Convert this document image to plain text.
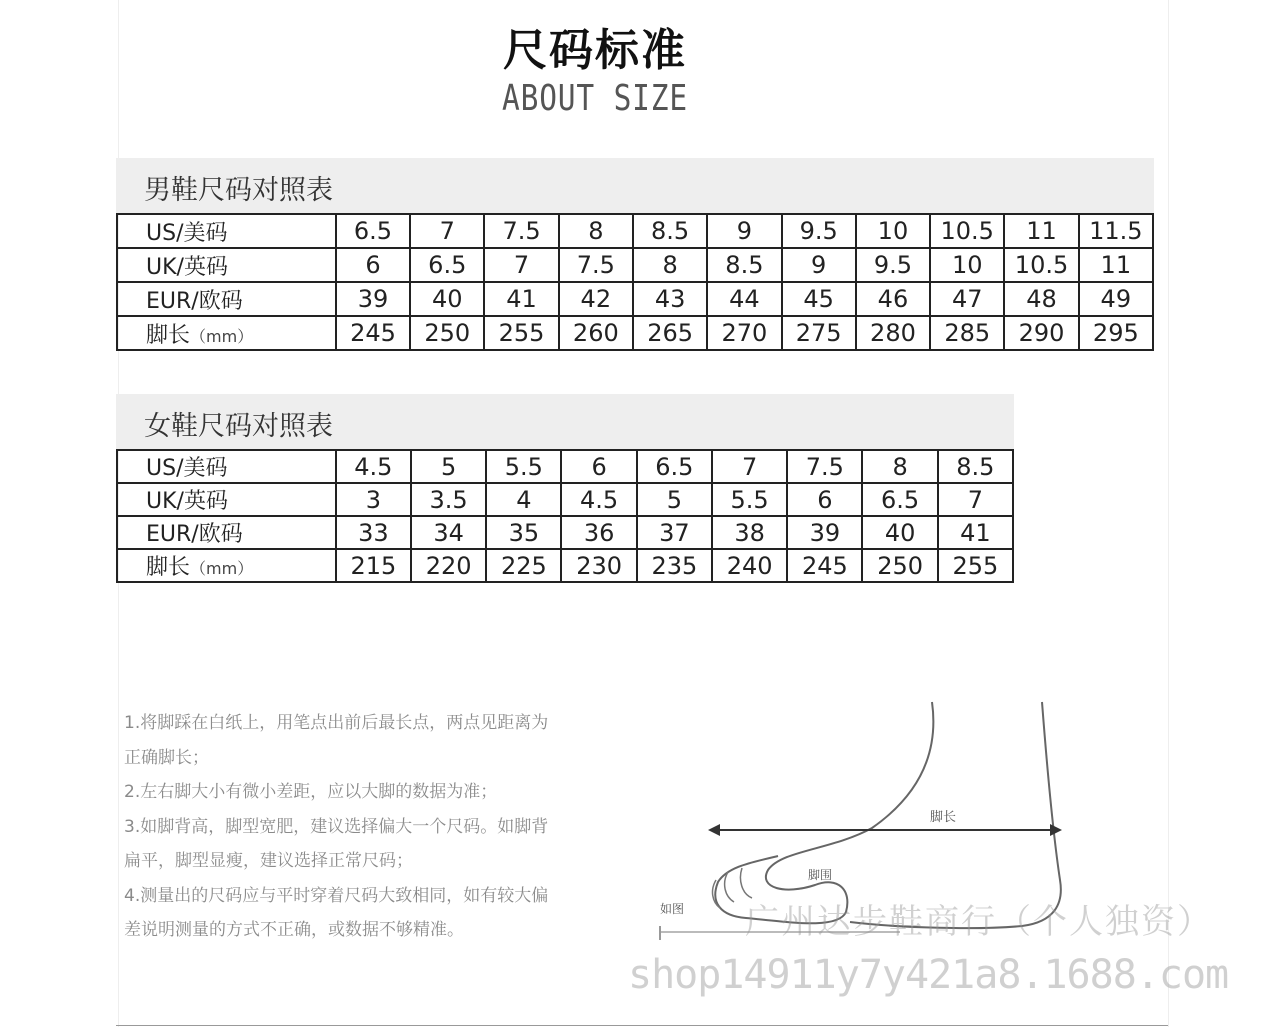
尺码标准
ABOUT SIZE
男鞋尺码对照表
US/美码	6.5	7	7.5	8	8.5	9	9.5	10	10.5	11	11.5
UK/英码	6	6.5	7	7.5	8	8.5	9	9.5	10	10.5	11
EUR/欧码	39	40	41	42	43	44	45	46	47	48	49
脚长（mm）	245	250	255	260	265	270	275	280	285	290	295
女鞋尺码对照表
US/美码	4.5	5	5.5	6	6.5	7	7.5	8	8.5
UK/英码	3	3.5	4	4.5	5	5.5	6	6.5	7
EUR/欧码	33	34	35	36	37	38	39	40	41
脚长（mm）	215	220	225	230	235	240	245	250	255

1.将脚踩在白纸上，用笔点出前后最长点，两点见距离为

正确脚长；

2.左右脚大小有微小差距，应以大脚的数据为准；

3.如脚背高，脚型宽肥，建议选择偏大一个尺码。如脚背

扁平，脚型显瘦，建议选择正常尺码；

4.测量出的尺码应与平时穿着尺码大致相同，如有较大偏

差说明测量的方式不正确，或数据不够精准。

脚长
脚围
如图 广州达步鞋商行（个人独资）
shop14911y7y421a8.1688.com
